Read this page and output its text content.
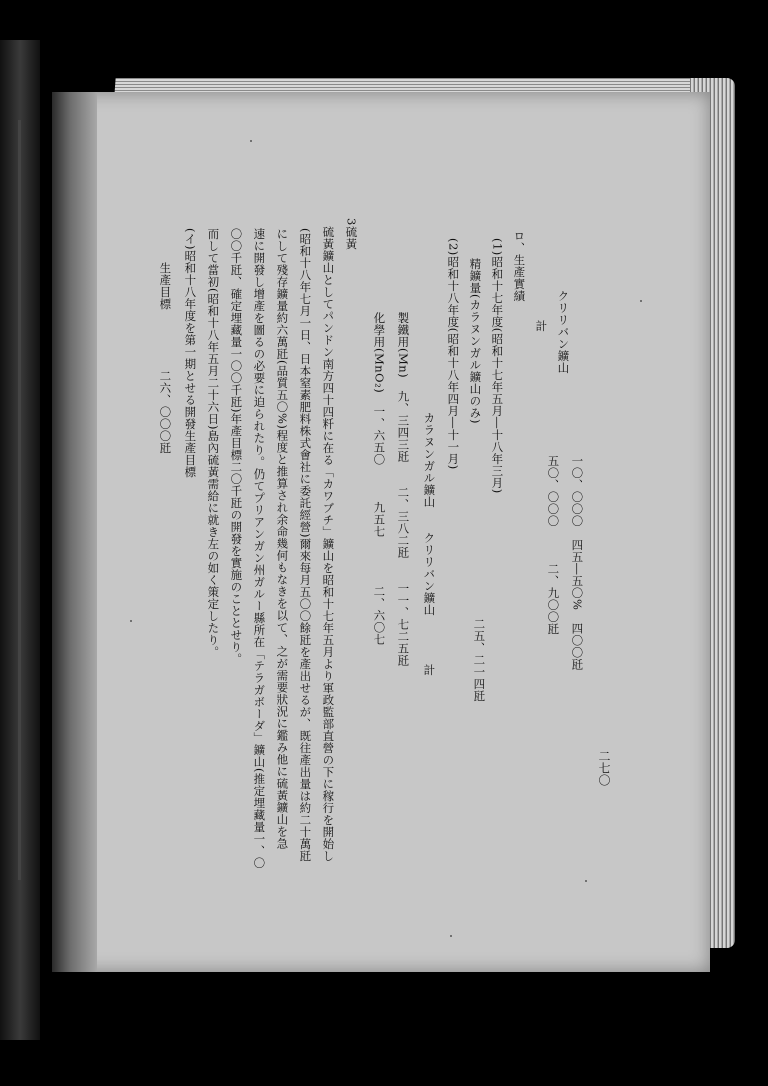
クリリバン鑛山
一〇、〇〇〇　四五―五〇%　四〇〇瓩
計
五〇、〇〇〇　　　二、九〇〇瓩
ロ、生產實績
(1)昭和十七年度(昭和十七年五月―十八年三月)
精鑛量(カラヌンガル鑛山のみ)
二五、二一四瓩
(2)昭和十八年度(昭和十八年四月―十一月)
カラヌンガル鑛山　　クリリバン鑛山　　　　計
製鐵用(Mn)　九、三四三瓩　　二、三八二瓩　　一一、七二五瓩
化學用(MnO₂)　一、六五〇　　　九五七　　　　二、六〇七
3硫黃
硫黃鑛山としてパンドン南方四十四粁に在る「カワブチ」鑛山を昭和十七年五月より軍政監部直營の下に稼行を開始し
(昭和十八年七月一日、日本窒素肥料株式會社に委託經營)爾來每月五〇〇餘瓩を產出せるが、既往產出量は約二十萬瓩
にして殘存鑛量約六萬瓩(品質五〇%)程度と推算され余命幾何もなきを以て、之が需要狀況に鑑み他に硫黃鑛山を急
速に開發し增產を圖るの必要に迫られたり。仍てプリアンガン州ガルー縣所在「テラガボーダ」鑛山(推定埋藏量一、〇
〇〇千瓩、確定埋藏量一〇〇千瓩)年產目標二〇千瓩の開發を實施のこととせり。
而して當初(昭和十八年五月二十六日)島內硫黃需給に就き左の如く策定したり。
(イ)昭和十八年度を第一期とせる開發生產目標
生產目標　　　　　二六、〇〇〇瓩
二七〇
